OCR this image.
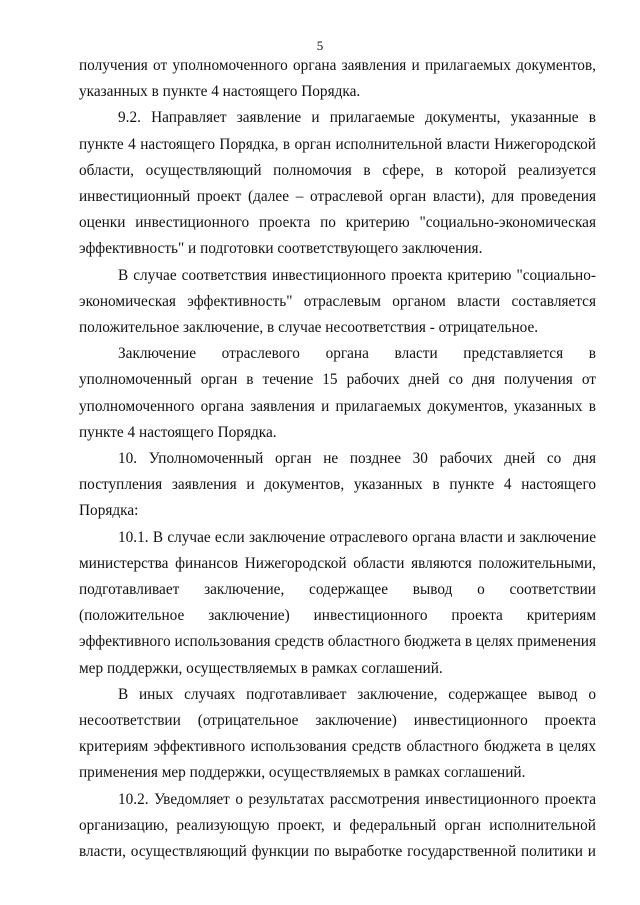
5

получения от уполномоченного органа заявления и прилагаемых документов, указанных в пункте 4 настоящего Порядка.

9.2. Направляет заявление и прилагаемые документы, указанные в пункте 4 настоящего Порядка, в орган исполнительной власти Нижегородской области, осуществляющий полномочия в сфере, в которой реализуется инвестиционный проект (далее – отраслевой орган власти), для проведения оценки инвестиционного проекта по критерию "социально-экономическая эффективность" и подготовки соответствующего заключения.

В случае соответствия инвестиционного проекта критерию "социально-экономическая эффективность" отраслевым органом власти составляется положительное заключение, в случае несоответствия - отрицательное.

Заключение отраслевого органа власти представляется в уполномоченный орган в течение 15 рабочих дней со дня получения от уполномоченного органа заявления и прилагаемых документов, указанных в пункте 4 настоящего Порядка.

10. Уполномоченный орган не позднее 30 рабочих дней со дня поступления заявления и документов, указанных в пункте 4 настоящего Порядка:

10.1. В случае если заключение отраслевого органа власти и заключение министерства финансов Нижегородской области являются положительными, подготавливает заключение, содержащее вывод о соответствии (положительное заключение) инвестиционного проекта критериям эффективного использования средств областного бюджета в целях применения мер поддержки, осуществляемых в рамках соглашений.

В иных случаях подготавливает заключение, содержащее вывод о несоответствии (отрицательное заключение) инвестиционного проекта критериям эффективного использования средств областного бюджета в целях применения мер поддержки, осуществляемых в рамках соглашений.

10.2. Уведомляет о результатах рассмотрения инвестиционного проекта организацию, реализующую проект, и федеральный орган исполнительной власти, осуществляющий функции по выработке государственной политики и
